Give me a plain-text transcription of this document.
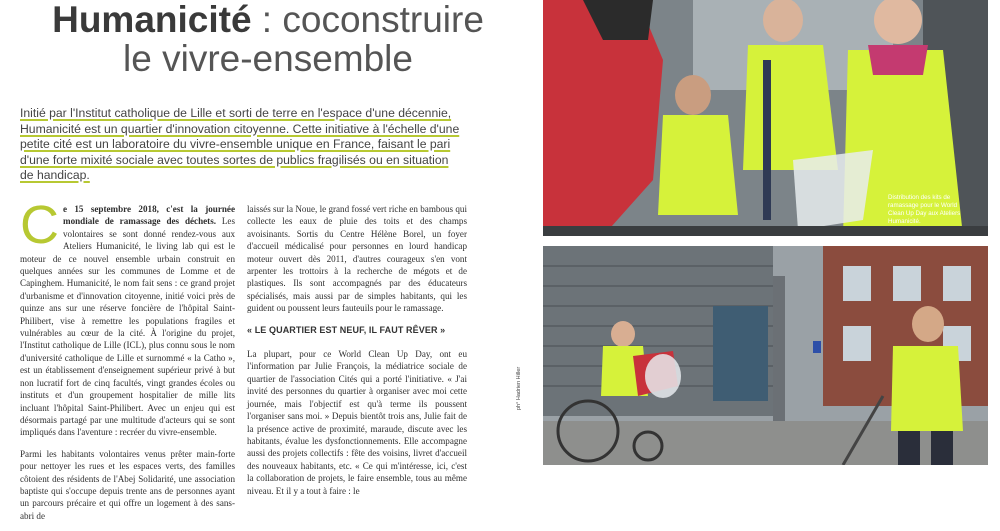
Humanicité : coconstruire
le vivre-ensemble
Initié par l'Institut catholique de Lille et sorti de terre en l'espace d'une décennie, Humanicité est un quartier d'innovation citoyenne. Cette initiative à l'échelle d'une petite cité est un laboratoire du vivre-ensemble unique en France, faisant le pari d'une forte mixité sociale avec toutes sortes de publics fragilisés ou en situation de handicap.

Ce 15 septembre 2018, c'est la journée mondiale de ramassage des déchets. Les volontaires se sont donné rendez-vous aux Ateliers Humanicité, le living lab qui est le moteur de ce nouvel ensemble urbain construit en quelques années sur les communes de Lomme et de Capinghem. Humanicité, le nom fait sens : ce grand projet d'urbanisme et d'innovation citoyenne, initié voici près de quinze ans sur une réserve foncière de l'hôpital Saint-Philibert, vise à remettre les populations fragiles et vulnérables au cœur de la cité. À l'origine du projet, l'Institut catholique de Lille (ICL), plus connu sous le nom d'université catholique de Lille et surnommé « la Catho », est un établissement d'enseignement supérieur privé à but non lucratif fort de cinq facultés, vingt grandes écoles ou instituts et d'un groupement hospitalier de mille lits incluant l'hôpital Saint-Philibert. Avec un enjeu qui est désormais partagé par une multitude d'acteurs qui se sont impliqués dans l'aventure : recréer du vivre-ensemble.

Parmi les habitants volontaires venus prêter main-forte pour nettoyer les rues et les espaces verts, des familles côtoient des résidents de l'Abej Solidarité, une association baptiste qui s'occupe depuis trente ans de personnes ayant un parcours précaire et qui offre un logement à des sans-abri de

laissés sur la Noue, le grand fossé vert riche en bambous qui collecte les eaux de pluie des toits et des champs avoisinants. Sortis du Centre Hélène Borel, un foyer d'accueil médicalisé pour personnes en lourd handicap moteur ouvert dès 2011, d'autres courageux s'en vont arpenter les trottoirs à la recherche de mégots et de plastiques. Ils sont accompagnés par des éducateurs spécialisés, mais aussi par de simples habitants, qui les guident ou poussent leurs fauteuils pour le ramassage.

« LE QUARTIER EST NEUF, IL FAUT RÊVER »

La plupart, pour ce World Clean Up Day, ont eu l'information par Julie François, la médiatrice sociale de quartier de l'association Cités qui a porté l'initiative. « J'ai invité des personnes du quartier à organiser avec moi cette journée, mais l'objectif est qu'à terme ils poussent l'organiser sans moi. » Depuis bientôt trois ans, Julie fait de la présence active de proximité, maraude, discute avec les habitants, évalue les dysfonctionnements. Elle accompagne aussi des projets collectifs : fête des voisins, livret d'accueil des nouveaux habitants, etc. « Ce qui m'intéresse, ici, c'est la collaboration de projets, le faire ensemble, tous au même niveau. Et il y a tout à faire : le

ph° Hadrien Hiller
Distribution des kits de ramassage pour le World Clean Up Day aux Ateliers Humanicité.
